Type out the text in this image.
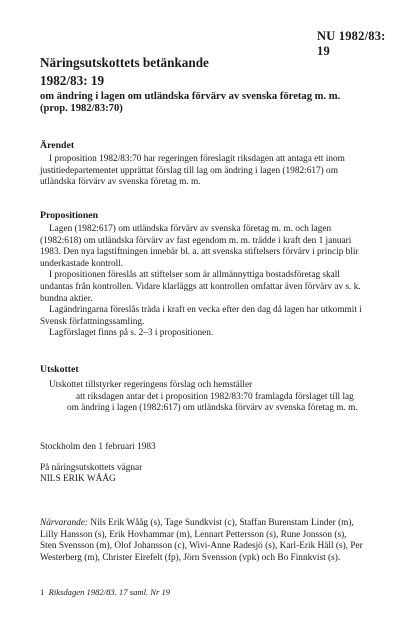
NU 1982/83: 19
Näringsutskottets betänkande
1982/83: 19
om ändring i lagen om utländska förvärv av svenska företag m. m. (prop. 1982/83:70)
Ärendet

I proposition 1982/83:70 har regeringen föreslagit riksdagen att antaga ett inom justitiedepartementet upprättat förslag till lag om ändring i lagen (1982:617) om utländska förvärv av svenska företag m. m.

Propositionen

Lagen (1982:617) om utländska förvärv av svenska företag m. m. och lagen (1982:618) om utländska förvärv av fast egendom m. m. trädde i kraft den 1 januari 1983. Den nya lagstiftningen innebär bl. a. att svenska stiftelsers förvärv i princip blir underkastade kontroll.

I propositionen föreslås att stiftelser som är allmännyttiga bostadsföretag skall undantas från kontrollen. Vidare klarläggs att kontrollen omfattar även förvärv av s. k. bundna aktier.

Lagändringarna föreslås träda i kraft en vecka efter den dag då lagen har utkommit i Svensk författningssamling.

Lagförslaget finns på s. 2–3 i propositionen.

Utskottet

Utskottet tillstyrker regeringens förslag och hemställer

att riksdagen antar det i proposition 1982/83:70 framlagda förslaget till lag om ändring i lagen (1982:617) om utländska förvärv av svenska företag m. m.

Stockholm den 1 februari 1983

På näringsutskottets vägnar

NILS ERIK WÅÅG

Närvarande: Nils Erik Wååg (s), Tage Sundkvist (c), Staffan Burenstam Linder (m), Lilly Hansson (s), Erik Hovhammar (m), Lennart Pettersson (s), Rune Jonsson (s), Sten Svensson (m), Olof Johansson (c), Wivi-Anne Radesjö (s), Karl-Erik Häll (s), Per Westerberg (m), Christer Eirefelt (fp), Jörn Svensson (vpk) och Bo Finnkvist (s).

1 Riksdagen 1982/83. 17 saml. Nr 19
